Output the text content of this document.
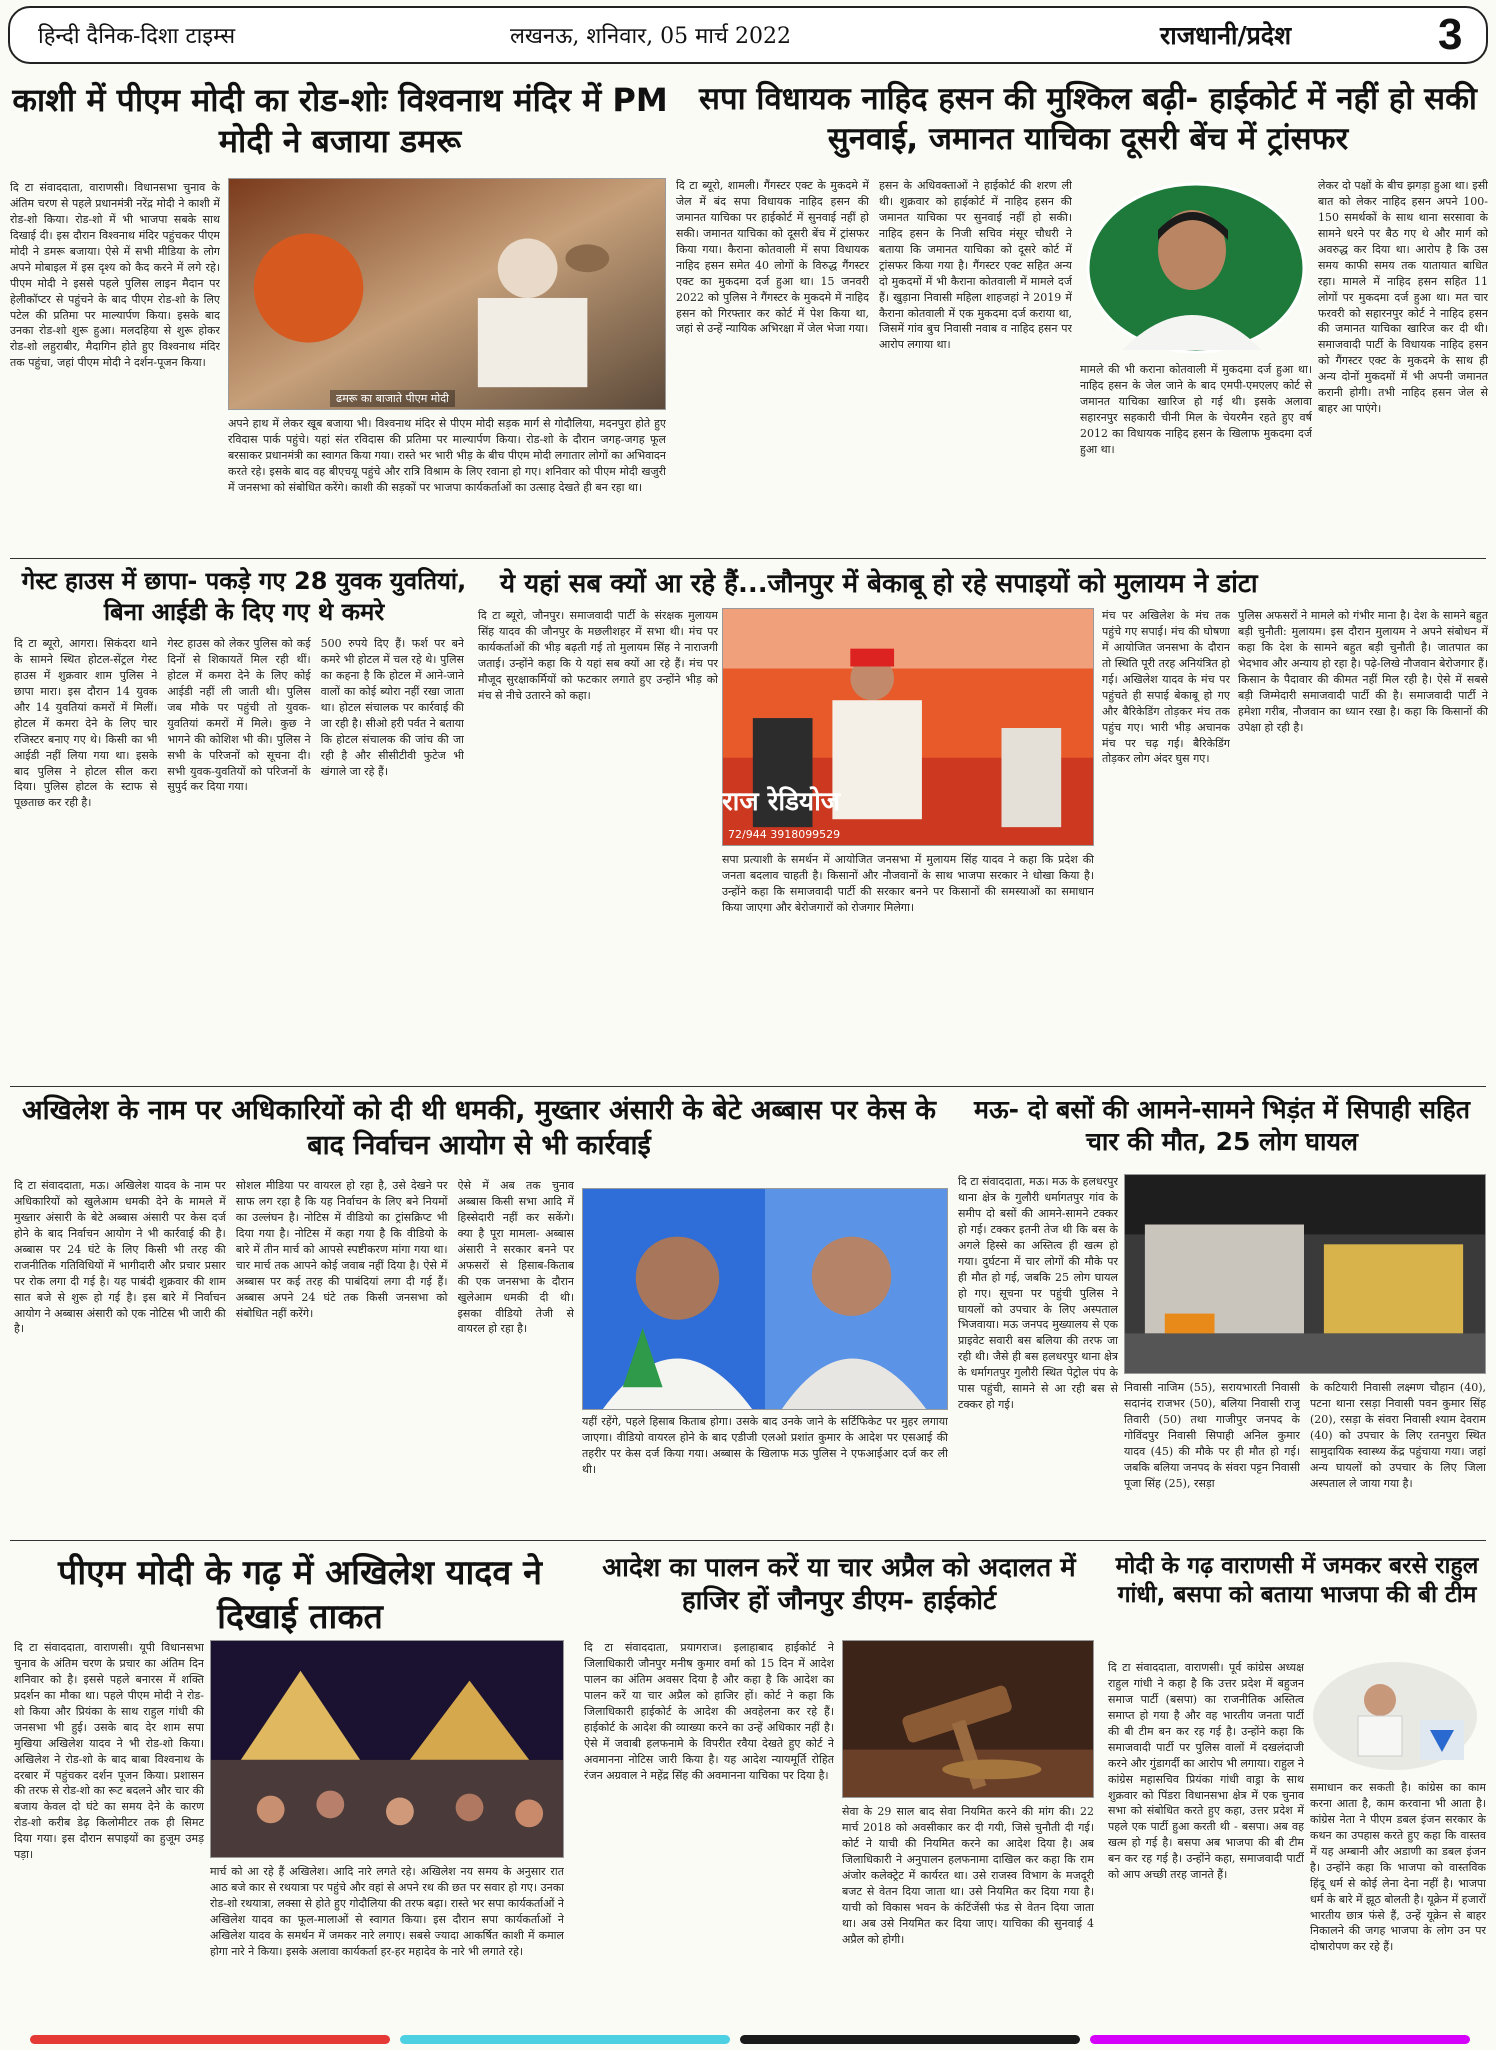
हिन्दी दैनिक-दिशा टाइम्स	लखनऊ, शनिवार, 05 मार्च 2022	राजधानी/प्रदेश	3
काशी में पीएम मोदी का रोड-शोः विश्वनाथ मंदिर में PM मोदी ने बजाया डमरू
दि टा संवाददाता, वाराणसी। विधानसभा चुनाव के अंतिम चरण से पहले प्रधानमंत्री नरेंद्र मोदी ने काशी में रोड-शो किया। रोड-शो में भी भाजपा सबके साथ दिखाई दी। इस दौरान विश्वनाथ मंदिर पहुंचकर पीएम मोदी ने डमरू बजाया। ऐसे में सभी मीडिया के लोग अपने मोबाइल में इस दृश्य को कैद करने में लगे रहे। पीएम मोदी ने इससे पहले पुलिस लाइन मैदान पर हेलीकॉप्टर से पहुंचने के बाद पीएम रोड-शो के लिए पटेल की प्रतिमा पर माल्यार्पण किया। इसके बाद उनका रोड-शो शुरू हुआ। मलदहिया से शुरू होकर रोड-शो लहुराबीर, मैदागिन होते हुए विश्वनाथ मंदिर तक पहुंचा, जहां पीएम मोदी ने दर्शन-पूजन किया।
ढमरू का बाजाते पीएम मोदी
अपने हाथ में लेकर खूब बजाया भी। विश्वनाथ मंदिर से पीएम मोदी सड़क मार्ग से गोदौलिया, मदनपुरा होते हुए रविदास पार्क पहुंचे। यहां संत रविदास की प्रतिमा पर माल्यार्पण किया। रोड-शो के दौरान जगह-जगह फूल बरसाकर प्रधानमंत्री का स्वागत किया गया। रास्ते भर भारी भीड़ के बीच पीएम मोदी लगातार लोगों का अभिवादन करते रहे। इसके बाद वह बीएचयू पहुंचे और रात्रि विश्राम के लिए रवाना हो गए। शनिवार को पीएम मोदी खजुरी में जनसभा को संबोधित करेंगे। काशी की सड़कों पर भाजपा कार्यकर्ताओं का उत्साह देखते ही बन रहा था।
सपा विधायक नाहिद हसन की मुश्किल बढ़ी- हाईकोर्ट में नहीं हो सकी सुनवाई, जमानत याचिका दूसरी बेंच में ट्रांसफर
दि टा ब्यूरो, शामली। गैंगस्टर एक्ट के मुकदमे में जेल में बंद सपा विधायक नाहिद हसन की जमानत याचिका पर हाईकोर्ट में सुनवाई नहीं हो सकी। जमानत याचिका को दूसरी बेंच में ट्रांसफर किया गया। कैराना कोतवाली में सपा विधायक नाहिद हसन समेत 40 लोगों के विरुद्ध गैंगस्टर एक्ट का मुकदमा दर्ज हुआ था। 15 जनवरी 2022 को पुलिस ने गैंगस्टर के मुकदमे में नाहिद हसन को गिरफ्तार कर कोर्ट में पेश किया था, जहां से उन्हें न्यायिक अभिरक्षा में जेल भेजा गया।
हसन के अधिवक्ताओं ने हाईकोर्ट की शरण ली थी। शुक्रवार को हाईकोर्ट में नाहिद हसन की जमानत याचिका पर सुनवाई नहीं हो सकी। नाहिद हसन के निजी सचिव मंसूर चौधरी ने बताया कि जमानत याचिका को दूसरे कोर्ट में ट्रांसफर किया गया है। गैंगस्टर एक्ट सहित अन्य दो मुकदमों में भी कैराना कोतवाली में मामले दर्ज हैं। खुड़ाना निवासी महिला शाहजहां ने 2019 में कैराना कोतवाली में एक मुकदमा दर्ज कराया था, जिसमें गांव बुच निवासी नवाब व नाहिद हसन पर आरोप लगाया था।
मामले की भी कराना कोतवाली में मुकदमा दर्ज हुआ था। नाहिद हसन के जेल जाने के बाद एमपी-एमएलए कोर्ट से जमानत याचिका खारिज हो गई थी। इसके अलावा सहारनपुर सहकारी चीनी मिल के चेयरमैन रहते हुए वर्ष 2012 का विधायक नाहिद हसन के खिलाफ मुकदमा दर्ज हुआ था।
लेकर दो पक्षों के बीच झगड़ा हुआ था। इसी बात को लेकर नाहिद हसन अपने 100-150 समर्थकों के साथ थाना सरसावा के सामने धरने पर बैठ गए थे और मार्ग को अवरुद्ध कर दिया था। आरोप है कि उस समय काफी समय तक यातायात बाधित रहा। मामले में नाहिद हसन सहित 11 लोगों पर मुकदमा दर्ज हुआ था। मत चार फरवरी को सहारनपुर कोर्ट ने नाहिद हसन की जमानत याचिका खारिज कर दी थी। समाजवादी पार्टी के विधायक नाहिद हसन को गैंगस्टर एक्ट के मुकदमे के साथ ही अन्य दोनों मुकदमों में भी अपनी जमानत करानी होगी। तभी नाहिद हसन जेल से बाहर आ पाएंगे।
गेस्ट हाउस में छापा- पकड़े गए 28 युवक युवतियां, बिना आईडी के दिए गए थे कमरे
दि टा ब्यूरो, आगरा। सिकंदरा थाने के सामने स्थित होटल-सेंट्रल गेस्ट हाउस में शुक्रवार शाम पुलिस ने छापा मारा। इस दौरान 14 युवक और 14 युवतियां कमरों में मिलीं। होटल में कमरा देने के लिए चार रजिस्टर बनाए गए थे। किसी का भी आईडी नहीं लिया गया था। इसके बाद पुलिस ने होटल सील करा दिया। पुलिस होटल के स्टाफ से पूछताछ कर रही है।
गेस्ट हाउस को लेकर पुलिस को कई दिनों से शिकायतें मिल रही थीं। होटल में कमरा देने के लिए कोई आईडी नहीं ली जाती थी। पुलिस जब मौके पर पहुंची तो युवक-युवतियां कमरों में मिले। कुछ ने भागने की कोशिश भी की। पुलिस ने सभी के परिजनों को सूचना दी। सभी युवक-युवतियों को परिजनों के सुपुर्द कर दिया गया।
500 रुपये दिए हैं। फर्श पर बने कमरे भी होटल में चल रहे थे। पुलिस का कहना है कि होटल में आने-जाने वालों का कोई ब्योरा नहीं रखा जाता था। होटल संचालक पर कार्रवाई की जा रही है। सीओ हरी पर्वत ने बताया कि होटल संचालक की जांच की जा रही है और सीसीटीवी फुटेज भी खंगाले जा रहे हैं।
ये यहां सब क्यों आ रहे हैं...जौनपुर में बेकाबू हो रहे सपाइयों को मुलायम ने डांटा
दि टा ब्यूरो, जौनपुर। समाजवादी पार्टी के संरक्षक मुलायम सिंह यादव की जौनपुर के मछलीशहर में सभा थी। मंच पर कार्यकर्ताओं की भीड़ बढ़ती गई तो मुलायम सिंह ने नाराजगी जताई। उन्होंने कहा कि ये यहां सब क्यों आ रहे हैं। मंच पर मौजूद सुरक्षाकर्मियों को फटकार लगाते हुए उन्होंने भीड़ को मंच से नीचे उतारने को कहा।
राज रेडियोज
72/944 3918099529
सपा प्रत्याशी के समर्थन में आयोजित जनसभा में मुलायम सिंह यादव ने कहा कि प्रदेश की जनता बदलाव चाहती है। किसानों और नौजवानों के साथ भाजपा सरकार ने धोखा किया है। उन्होंने कहा कि समाजवादी पार्टी की सरकार बनने पर किसानों की समस्याओं का समाधान किया जाएगा और बेरोजगारों को रोजगार मिलेगा।
मंच पर अखिलेश के मंच तक पहुंचे गए सपाई। मंच की घोषणा में आयोजित जनसभा के दौरान तो स्थिति पूरी तरह अनियंत्रित हो गई। अखिलेश यादव के मंच पर पहुंचते ही सपाई बेकाबू हो गए और बैरिकेडिंग तोड़कर मंच तक पहुंच गए। भारी भीड़ अचानक मंच पर चढ़ गई। बैरिकेडिंग तोड़कर लोग अंदर घुस गए।
पुलिस अफसरों ने मामले को गंभीर माना है। देश के सामने बहुत बड़ी चुनौती: मुलायम। इस दौरान मुलायम ने अपने संबोधन में कहा कि देश के सामने बहुत बड़ी चुनौती है। जातपात का भेदभाव और अन्याय हो रहा है। पढ़े-लिखे नौजवान बेरोजगार हैं। किसान के पैदावार की कीमत नहीं मिल रही है। ऐसे में सबसे बड़ी जिम्मेदारी समाजवादी पार्टी की है। समाजवादी पार्टी ने हमेशा गरीब, नौजवान का ध्यान रखा है। कहा कि किसानों की उपेक्षा हो रही है।
अखिलेश के नाम पर अधिकारियों को दी थी धमकी, मुख्तार अंसारी के बेटे अब्बास पर केस के बाद निर्वाचन आयोग से भी कार्रवाई
दि टा संवाददाता, मऊ। अखिलेश यादव के नाम पर अधिकारियों को खुलेआम धमकी देने के मामले में मुख्तार अंसारी के बेटे अब्बास अंसारी पर केस दर्ज होने के बाद निर्वाचन आयोग ने भी कार्रवाई की है। अब्बास पर 24 घंटे के लिए किसी भी तरह की राजनीतिक गतिविधियों में भागीदारी और प्रचार प्रसार पर रोक लगा दी गई है। यह पाबंदी शुक्रवार की शाम सात बजे से शुरू हो गई है। इस बारे में निर्वाचन आयोग ने अब्बास अंसारी को एक नोटिस भी जारी की है।
सोशल मीडिया पर वायरल हो रहा है, उसे देखने पर साफ लग रहा है कि यह निर्वाचन के लिए बने नियमों का उल्लंघन है। नोटिस में वीडियो का ट्रांसक्रिप्ट भी दिया गया है। नोटिस में कहा गया है कि वीडियो के बारे में तीन मार्च को आपसे स्पष्टीकरण मांगा गया था। चार मार्च तक आपने कोई जवाब नहीं दिया है। ऐसे में अब्बास पर कई तरह की पाबंदियां लगा दी गई हैं। अब्बास अपने 24 घंटे तक किसी जनसभा को संबोधित नहीं करेंगे।
ऐसे में अब तक चुनाव अब्बास किसी सभा आदि में हिस्सेदारी नहीं कर सकेंगे। क्या है पूरा मामला- अब्बास अंसारी ने सरकार बनने पर अफसरों से हिसाब-किताब की एक जनसभा के दौरान खुलेआम धमकी दी थी। इसका वीडियो तेजी से वायरल हो रहा है।
यहीं रहेंगे, पहले हिसाब किताब होगा। उसके बाद उनके जाने के सर्टिफिकेट पर मुहर लगाया जाएगा। वीडियो वायरल होने के बाद एडीजी एलओ प्रशांत कुमार के आदेश पर एसआई की तहरीर पर केस दर्ज किया गया। अब्बास के खिलाफ मऊ पुलिस ने एफआईआर दर्ज कर ली थी।
मऊ- दो बसों की आमने-सामने भिड़ंत में सिपाही सहित चार की मौत, 25 लोग घायल
दि टा संवाददाता, मऊ। मऊ के हलधरपुर थाना क्षेत्र के गुलौरी धर्मागतपुर गांव के समीप दो बसों की आमने-सामने टक्कर हो गई। टक्कर इतनी तेज थी कि बस के अगले हिस्से का अस्तित्व ही खत्म हो गया। दुर्घटना में चार लोगों की मौके पर ही मौत हो गई, जबकि 25 लोग घायल हो गए। सूचना पर पहुंची पुलिस ने घायलों को उपचार के लिए अस्पताल भिजवाया। मऊ जनपद मुख्यालय से एक प्राइवेट सवारी बस बलिया की तरफ जा रही थी। जैसे ही बस हलधरपुर थाना क्षेत्र के धर्मागतपुर गुलौरी स्थित पेट्रोल पंप के पास पहुंची, सामने से आ रही बस से टक्कर हो गई।
निवासी नाजिम (55), सरायभारती निवासी सदानंद राजभर (50), बलिया निवासी राजू तिवारी (50) तथा गाजीपुर जनपद के गोविंदपुर निवासी सिपाही अनिल कुमार यादव (45) की मौके पर ही मौत हो गई। जबकि बलिया जनपद के संवरा पट्टन निवासी पूजा सिंह (25), रसड़ा
के कटियारी निवासी लक्ष्मण चौहान (40), पटना थाना रसड़ा निवासी पवन कुमार सिंह (20), रसड़ा के संवरा निवासी श्याम देवराम (40) को उपचार के लिए रतनपुरा स्थित सामुदायिक स्वास्थ्य केंद्र पहुंचाया गया। जहां अन्य घायलों को उपचार के लिए जिला अस्पताल ले जाया गया है।
पीएम मोदी के गढ़ में अखिलेश यादव ने दिखाई ताकत
दि टा संवाददाता, वाराणसी। यूपी विधानसभा चुनाव के अंतिम चरण के प्रचार का अंतिम दिन शनिवार को है। इससे पहले बनारस में शक्ति प्रदर्शन का मौका था। पहले पीएम मोदी ने रोड-शो किया और प्रियंका के साथ राहुल गांधी की जनसभा भी हुई। उसके बाद देर शाम सपा मुखिया अखिलेश यादव ने भी रोड-शो किया। अखिलेश ने रोड-शो के बाद बाबा विश्वनाथ के दरबार में पहुंचकर दर्शन पूजन किया। प्रशासन की तरफ से रोड-शो का रूट बदलने और चार की बजाय केवल दो घंटे का समय देने के कारण रोड-शो करीब डेढ़ किलोमीटर तक ही सिमट दिया गया। इस दौरान सपाइयों का हुजूम उमड़ पड़ा।
मार्च को आ रहे हैं अखिलेश। आदि नारे लगते रहे। अखिलेश नय समय के अनुसार रात आठ बजे कार से रथयात्रा पर पहुंचे और वहां से अपने रथ की छत पर सवार हो गए। उनका रोड-शो रथयात्रा, लक्सा से होते हुए गोदौलिया की तरफ बढ़ा। रास्ते भर सपा कार्यकर्ताओं ने अखिलेश यादव का फूल-मालाओं से स्वागत किया। इस दौरान सपा कार्यकर्ताओं ने अखिलेश यादव के समर्थन में जमकर नारे लगाए। सबसे ज्यादा आकर्षित काशी में कमाल होगा नारे ने किया। इसके अलावा कार्यकर्ता हर-हर महादेव के नारे भी लगाते रहे।
आदेश का पालन करें या चार अप्रैल को अदालत में हाजिर हों जौनपुर डीएम- हाईकोर्ट
दि टा संवाददाता, प्रयागराज। इलाहाबाद हाईकोर्ट ने जिलाधिकारी जौनपुर मनीष कुमार वर्मा को 15 दिन में आदेश पालन का अंतिम अवसर दिया है और कहा है कि आदेश का पालन करें या चार अप्रैल को हाजिर हों। कोर्ट ने कहा कि जिलाधिकारी हाईकोर्ट के आदेश की अवहेलना कर रहे हैं। हाईकोर्ट के आदेश की व्याख्या करने का उन्हें अधिकार नहीं है। ऐसे में जवाबी हलफनामे के विपरीत रवैया देखते हुए कोर्ट ने अवमानना नोटिस जारी किया है। यह आदेश न्यायमूर्ति रोहित रंजन अग्रवाल ने महेंद्र सिंह की अवमानना याचिका पर दिया है।
सेवा के 29 साल बाद सेवा नियमित करने की मांग की। 22 मार्च 2018 को अवसीकार कर दी गयी, जिसे चुनौती दी गई। कोर्ट ने याची की नियमित करने का आदेश दिया है। अब जिलाधिकारी ने अनुपालन हलफनामा दाखिल कर कहा कि राम अंजोर कलेक्ट्रेट में कार्यरत था। उसे राजस्व विभाग के मजदूरी बजट से वेतन दिया जाता था। उसे नियमित कर दिया गया है। याची को विकास भवन के कंटिंजेंसी फंड से वेतन दिया जाता था। अब उसे नियमित कर दिया जाए। याचिका की सुनवाई 4 अप्रैल को होगी।
मोदी के गढ़ वाराणसी में जमकर बरसे राहुल गांधी, बसपा को बताया भाजपा की बी टीम
दि टा संवाददाता, वाराणसी। पूर्व कांग्रेस अध्यक्ष राहुल गांधी ने कहा है कि उत्तर प्रदेश में बहुजन समाज पार्टी (बसपा) का राजनीतिक अस्तित्व समाप्त हो गया है और वह भारतीय जनता पार्टी की बी टीम बन कर रह गई है। उन्होंने कहा कि समाजवादी पार्टी पर पुलिस वालों में दखलंदाजी करने और गुंडागर्दी का आरोप भी लगाया। राहुल ने कांग्रेस महासचिव प्रियंका गांधी वाड्रा के साथ शुक्रवार को पिंडरा विधानसभा क्षेत्र में एक चुनाव सभा को संबोधित करते हुए कहा, उत्तर प्रदेश में पहले एक पार्टी हुआ करती थी - बसपा। अब वह खत्म हो गई है। बसपा अब भाजपा की बी टीम बन कर रह गई है। उन्होंने कहा, समाजवादी पार्टी को आप अच्छी तरह जानते हैं।
समाधान कर सकती है। कांग्रेस का काम करना आता है, काम करवाना भी आता है। कांग्रेस नेता ने पीएम डबल इंजन सरकार के कथन का उपहास करते हुए कहा कि वास्तव में यह अम्बानी और अडाणी का डबल इंजन है। उन्होंने कहा कि भाजपा को वास्तविक हिंदू धर्म से कोई लेना देना नहीं है। भाजपा धर्म के बारे में झूठ बोलती है। यूक्रेन में हजारों भारतीय छात्र फंसे हैं, उन्हें यूक्रेन से बाहर निकालने की जगह भाजपा के लोग उन पर दोषारोपण कर रहे हैं।
